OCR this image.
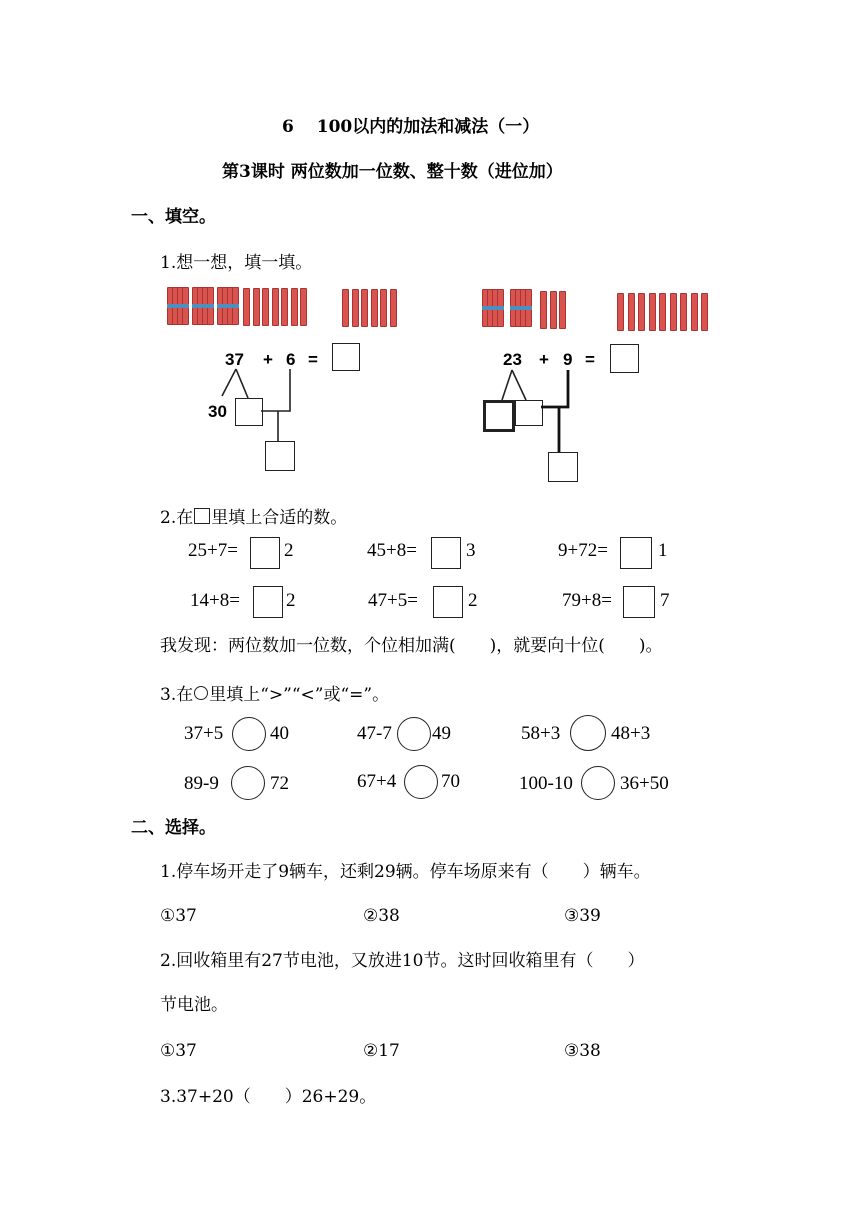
6　 100以内的加法和减法（一）
第3课时 两位数加一位数、整十数（进位加）
一、填空。
1.想一想，填一填。
37 + 6 =
30
23 + 9 =
2.在 里填上合适的数。
25+7= 2	45+8=	3	9+72=	1
14+8= 2	47+5=	2	79+8=	7
我发现：两位数加一位数，个位相加满(　　)，就要向十位(　　)。
3.在 里填上“>”“<”或“=”。
37+5 40	47-7 49	58+3	48+3
89-9	72	67+4 70	100-10 36+50
二、选择。
1.停车场开走了9辆车，还剩29辆。停车场原来有（　　）辆车。
①37	②38	③39
2.回收箱里有27节电池，又放进10节。这时回收箱里有（　　）
节电池。
①37	②17	③38
3.37+20（　　）26+29。
